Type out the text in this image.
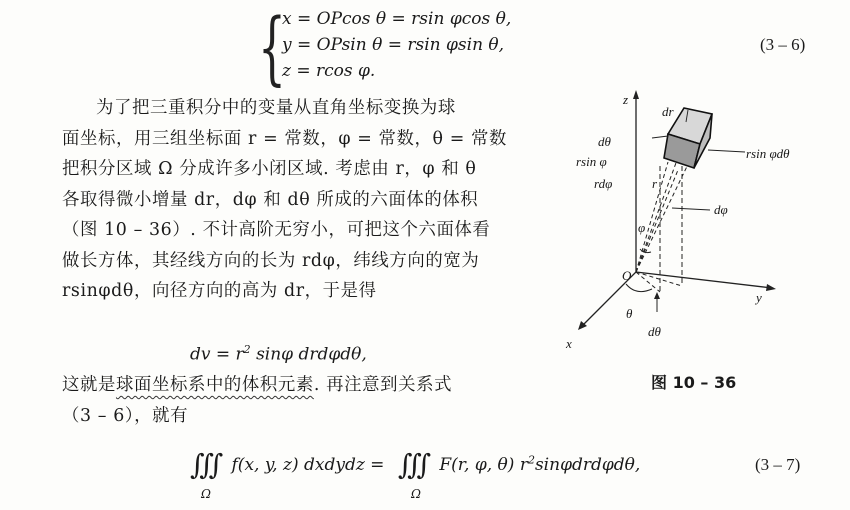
{
x = OPcos θ = rsin φcos θ,
y = OPsin θ = rsin φsin θ,
z = rcos φ.
(3 – 6)
为了把三重积分中的变量从直角坐标变换为球
面坐标，用三组坐标面 r = 常数，φ = 常数，θ = 常数
把积分区域 Ω 分成许多小闭区域. 考虑由 r，φ 和 θ
各取得微小增量 dr，dφ 和 dθ 所成的六面体的体积
（图 10 – 36）. 不计高阶无穷小，可把这个六面体看
做长方体，其经线方向的长为 rdφ，纬线方向的宽为
rsinφdθ，向径方向的高为 dr，于是得
dv = $r^2$ sinφ drdφdθ,
这就是球面坐标系中的体积元素. 再注意到关系式
（3 – 6），就有
∭ f(x, y, z) dxdydz = ∭ F(r, φ, θ) $r^2\sin\varphi drd\varphi d\theta$,
Ω	Ω
(3 – 7)
z
x
y
O
dr
dθ
rsin φ
rdφ
rsin φdθ
dφ
φ
r
θ
dθ
图 10 – 36
